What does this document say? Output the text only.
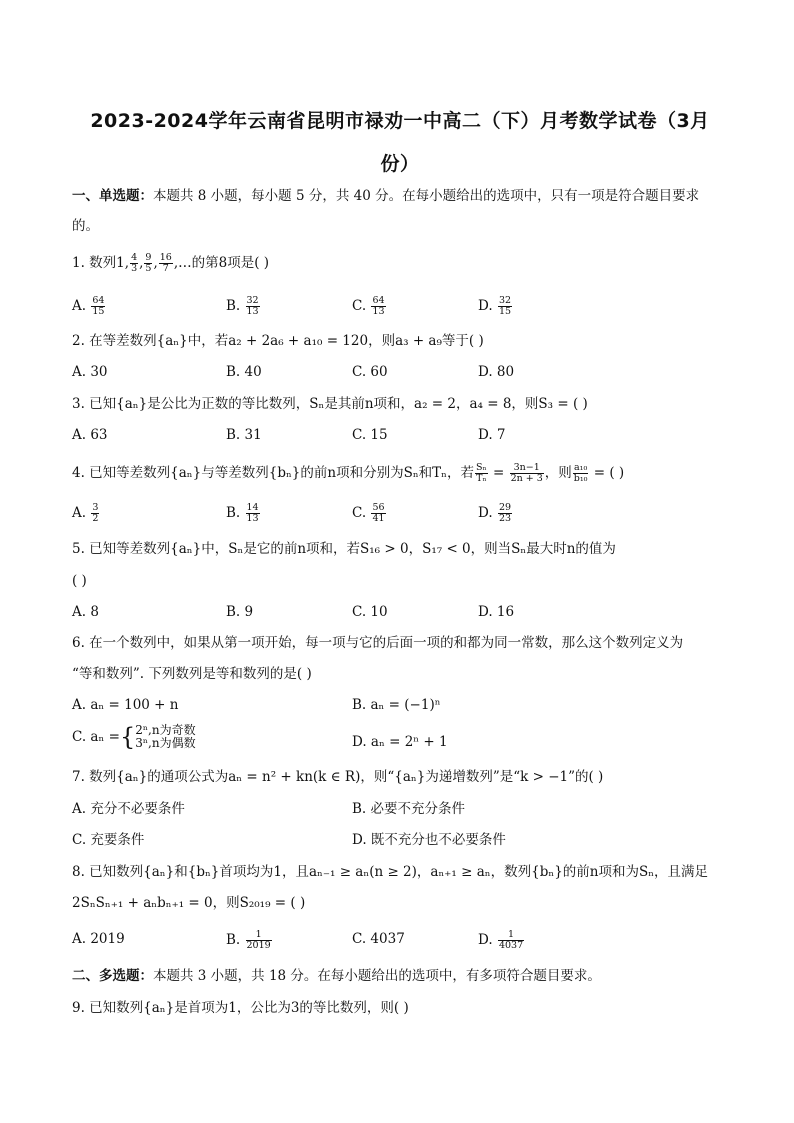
2023-2024学年云南省昆明市禄劝一中高二（下）月考数学试卷（3月
份）
一、单选题：本题共 8 小题，每小题 5 分，共 40 分。在每小题给出的选项中，只有一项是符合题目要求
的。
1. 数列1, $\frac{4}{3}$ , $\frac{9}{5}$ , $\frac{16}{7}$ ,…的第8项是( )
A. $\frac{64}{15}$	B. $\frac{32}{13}$	C. $\frac{64}{13}$	D. $\frac{32}{15}$
2. 在等差数列{aₙ}中，若a₂ + 2a₆ + a₁₀ = 120，则a₃ + a₉等于( )
A. 30	B. 40	C. 60	D. 80
3. 已知{aₙ}是公比为正数的等比数列，Sₙ是其前n项和，a₂ = 2，a₄ = 8，则S₃ = ( )
A. 63	B. 31	C. 15	D. 7
4. 已知等差数列{aₙ}与等差数列{bₙ}的前n项和分别为Sₙ和Tₙ，若 $\frac{\text{Sₙ}}{\text{Tₙ}} = \frac{3n-1}{2n + 3}$ ，则 $\frac{\text{a₁₀}}{\text{b₁₀}}$ = ( )
A. $\frac{3}{2}$	B. $\frac{14}{13}$	C. $\frac{56}{41}$	D. $\frac{29}{23}$
5. 已知等差数列{aₙ}中，Sₙ是它的前n项和，若S₁₆ > 0，S₁₇ < 0，则当Sₙ最大时n的值为
( )
A. 8	B. 9	C. 10	D. 16
6. 在一个数列中，如果从第一项开始，每一项与它的后面一项的和都为同一常数，那么这个数列定义为
“等和数列”. 下列数列是等和数列的是( )
A. aₙ = 100 + n	B. aₙ = (−1)ⁿ
C. aₙ ={ 2ⁿ,n为奇数
3ⁿ,n为偶数	D. aₙ = 2ⁿ + 1
7. 数列{aₙ}的通项公式为aₙ = n² + kn(k ∈ R)，则“{aₙ}为递增数列”是“k > −1”的( )
A. 充分不必要条件	B. 必要不充分条件
C. 充要条件	D. 既不充分也不必要条件
8. 已知数列{aₙ}和{bₙ}首项均为1，且aₙ₋₁ ≥ aₙ(n ≥ 2)，aₙ₊₁ ≥ aₙ，数列{bₙ}的前n项和为Sₙ，且满足
2SₙSₙ₊₁ + aₙbₙ₊₁ = 0，则S₂₀₁₉ = ( )
A. 2019	B. $\frac{1}{2019}$	C. 4037	D. $\frac{1}{4037}$
二、多选题：本题共 3 小题，共 18 分。在每小题给出的选项中，有多项符合题目要求。
9. 已知数列{aₙ}是首项为1，公比为3的等比数列，则( )
